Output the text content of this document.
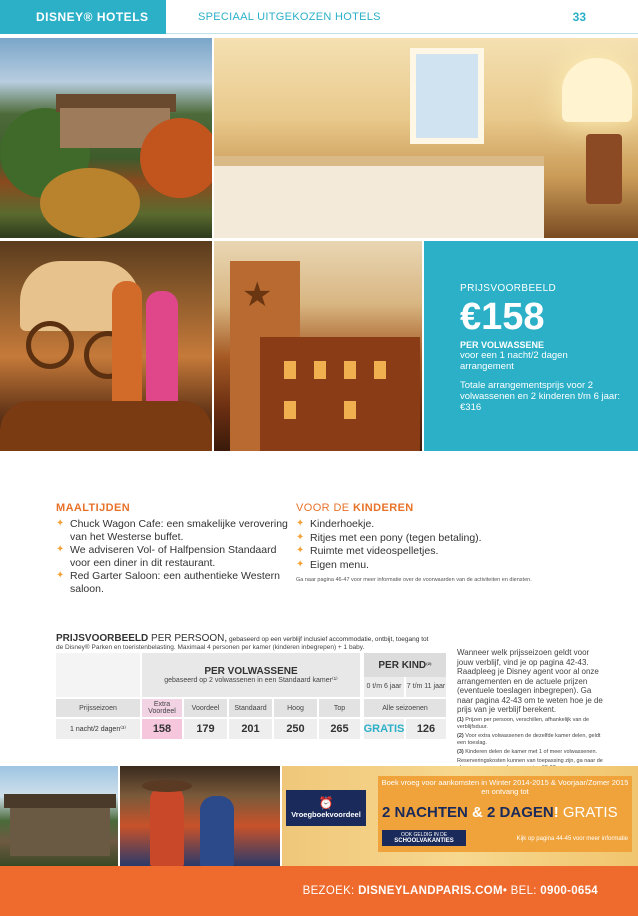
DISNEY® HOTELS	SPECIAAL UITGEKOZEN HOTELS	33
★	PRIJSVOORBEELD
€158
PER VOLWASSENE
voor een 1 nacht/2 dagen arrangement
Totale arrangementsprijs voor 2 volwassenen en 2 kinderen t/m 6 jaar: €316
MAALTIJDEN
✦ Chuck Wagon Cafe: een smakelijke verovering van het Westerse buffet.
✦ We adviseren Vol- of Halfpension Standaard voor een diner in dit restaurant.
✦ Red Garter Saloon: een authentieke Western saloon.
VOOR DE KINDEREN
✦ Kinderhoekje.
✦ Ritjes met een pony (tegen betaling).
✦ Ruimte met videospelletjes.
✦ Eigen menu.
Ga naar pagina 46-47 voor meer informatie over de voorwaarden van de activiteiten en diensten.
PRIJSVOORBEELD PER PERSOON, gebaseerd op een verblijf inclusief accommodatie, ontbijt, toegang tot
de Disney® Parken en toeristenbelasting. Maximaal 4 personen per kamer (kinderen inbegrepen) + 1 baby.
PER VOLWASSENE
gebaseerd op 2 volwassenen in een Standaard kamer⁽¹⁾
PER KIND ⁽²⁾
0 t/m 6 jaar 7 t/m 11 jaar
Prijsseizoen	Extra Voordeel	Voordeel	Standaard	Hoog	Top	Alle seizoenen
1 nacht/2 dagen⁽³⁾	158	179	201	250	265	GRATIS	126
Wanneer welk prijsseizoen geldt voor jouw verblijf, vind je op pagina 42-43. Raadpleeg je Disney agent voor al onze arrangementen en de actuele prijzen (eventuele toeslagen inbegrepen). Ga naar pagina 42-43 om te weten hoe je de prijs van je verblijf berekent.
(1) Prijzen per persoon, verschillen, afhankelijk van de verblijfsduur.
(2) Voor extra volwassenen de dezelfde kamer delen, geldt een toeslag.
(3) Kinderen delen de kamer met 1 of meer volwassenen.
Reserveringskosten kunnen van toepassing zijn, ga naar de
⏰
Vroegboekvoordeel
Boek vroeg voor aankomsten in Winter 2014-2015 & Voorjaar/Zomer 2015 en ontvang tot
2 NACHTEN & 2 DAGEN! GRATIS
OOK GELDIG IN DE
SCHOOLVAKANTIES	Kijk op pagina 44-45 voor meer informatie
BEZOEK:
DISNEYLANDPARIS.COM • BEL:
0900-0654
